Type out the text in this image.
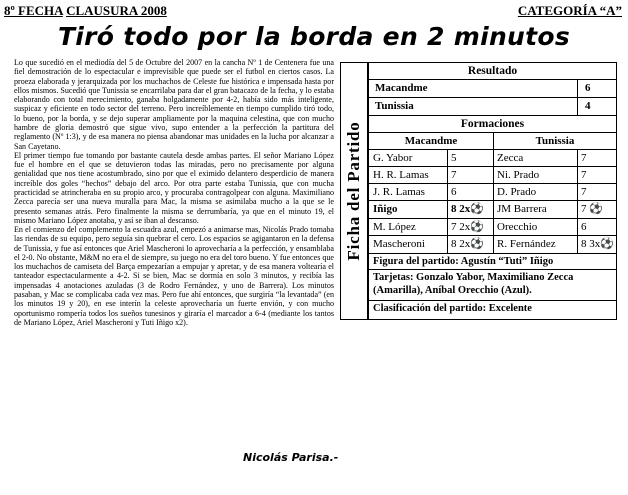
8º FECHA CLAUSURA 2008	CATEGORÍA “A”
Tiró todo por la borda en 2 minutos

Lo que sucedió en el mediodía del 5 de Octubre del 2007 en la cancha Nº 1 de Centenera fue una fiel demostración de lo espectacular e imprevisible que puede ser el futbol en ciertos casos. La proeza elaborada y jerarquizada por los muchachos de Celeste fue histórica e impensada hasta por ellos mismos. Sucedió que Tunissia se encarrilaba para dar el gran batacazo de la fecha, y lo estaba elaborando con total merecimiento, ganaba holgadamente por 4-2, había sido más inteligente, suspicaz y eficiente en todo sector del terreno. Pero increíblemente en tiempo cumplido tiró todo, lo bueno, por la borda, y se dejo superar ampliamente por la maquina celestina, que con mucho hambre de gloria demostró que sigue vivo, supo entender a la perfección la partitura del reglamento (Nº 1:3), y de esa manera no piensa abandonar mas unidades en la lucha por alcanzar a San Cayetano.

El primer tiempo fue tomando por bastante cautela desde ambas partes. El señor Mariano López fue el hombre en el que se detuvieron todas las miradas, pero no precisamente por alguna genialidad que nos tiene acostumbrado, sino por que el eximido delantero desperdicio de manera increíble dos goles “hechos” debajo del arco. Por otra parte estaba Tunissia, que con mucha practicidad se atrincheraba en su propio arco, y procuraba contragolpear con alguna. Maximiliano Zecca parecía ser una nueva muralla para Mac, la misma se asimilaba mucho a la que se le presento semanas atrás. Pero finalmente la misma se derrumbaría, ya que en el minuto 19, el mismo Mariano López anotaba, y así se iban al descanso.

En el comienzo del complemento la escuadra azul, empezó a animarse mas, Nicolás Prado tomaba las riendas de su equipo, pero seguía sin quebrar el cero. Los espacios se agigantaron en la defensa de Tunissia, y fue así entonces que Ariel Mascheroni lo aprovecharía a la perfección, y ensamblaba el 2-0. No obstante, M&M no era el de siempre, su juego no era del toro bueno. Y fue entonces que los muchachos de camiseta del Barça empezarían a empujar y apretar, y de esa manera voltearía el tanteador espectacularmente a 4-2. Si se bien, Mac se dormía en solo 3 minutos, y recibía las impensadas 4 anotaciones azuladas (3 de Rodro Fernández, y uno de Barrera). Los minutos pasaban, y Mac se complicaba cada vez mas. Pero fue ahí entonces, que surgiría “la levantada” (en los minutos 19 y 20), en ese interín la celeste aprovecharía un fuerte envión, y con mucho oportunismo rompería todos los sueños tunesinos y giraría el marcador a 6-4 (mediante los tantos de Mariano López, Ariel Mascheroni y Tuti Iñigo x2).

Nicolás Parisa.-
Ficha del Partido
Resultado
Macandme	6
Tunissia	4
Formaciones
Macandme	Tunissia
G. Yabor	5	Zecca	7
H. R. Lamas 7	Ni. Prado	7
J. R. Lamas 6	D. Prado	7
Iñigo	8 2x⚽ JM Barrera	7 ⚽
M. López	7 2x⚽ Orecchio	6
Mascheroni 8 2x⚽ R. Fernández 8 3x⚽
Figura del partido: Agustín “Tuti” Iñigo
Tarjetas: Gonzalo Yabor, Maximiliano Zecca (Amarilla), Aníbal Orecchio (Azul).
Clasificación del partido: Excelente
